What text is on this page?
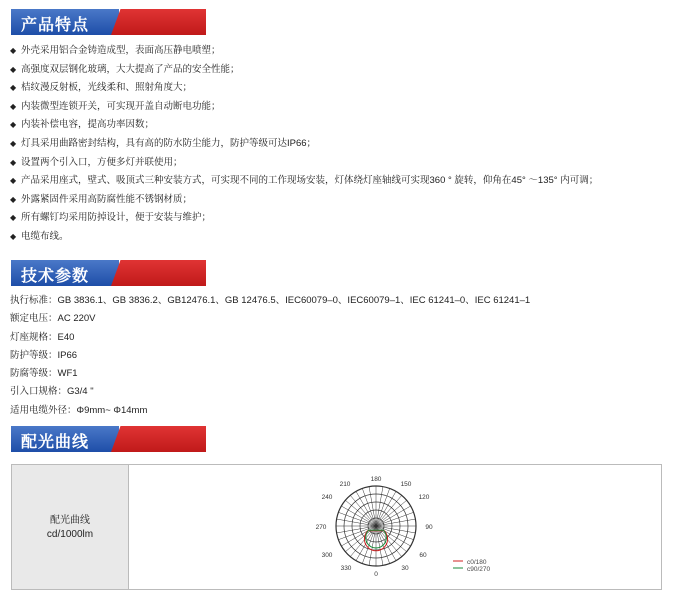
产品特点
◆ 外壳采用铝合金铸造成型，表面高压静电喷塑；
◆ 高强度双层钢化玻璃，大大提高了产品的安全性能；
◆ 桔纹漫反射板，光线柔和、照射角度大；
◆ 内装微型连锁开关，可实现开盖自动断电功能；
◆ 内装补偿电容，提高功率因数；
◆ 灯具采用曲路密封结构，具有高的防水防尘能力，防护等级可达IP66；
◆ 设置两个引入口，方便多灯并联使用；
◆ 产品采用座式，壁式、吸顶式三种安装方式，可实现不同的工作现场安装，灯体绕灯座轴线可实现360 ° 旋转，仰角在45° ～135° 内可调；
◆ 外露紧固件采用高防腐性能不锈钢材质；
◆ 所有螺钉均采用防掉设计，便于安装与维护；
◆ 电缆布线。
技术参数
执行标准：GB 3836.1、GB 3836.2、GB12476.1、GB 12476.5、IEC60079–0、IEC60079–1、IEC 61241–0、IEC 61241–1
额定电压：AC 220V
灯座规格：E40
防护等级：IP66
防腐等级：WF1
引入口规格：G3/4 "
适用电缆外径：Φ9mm~ Φ14mm
配光曲线
配光曲线
cd/1000lm
180
150
120
90
60
30
0
330
300
270
240
210
c0/180
c90/270
